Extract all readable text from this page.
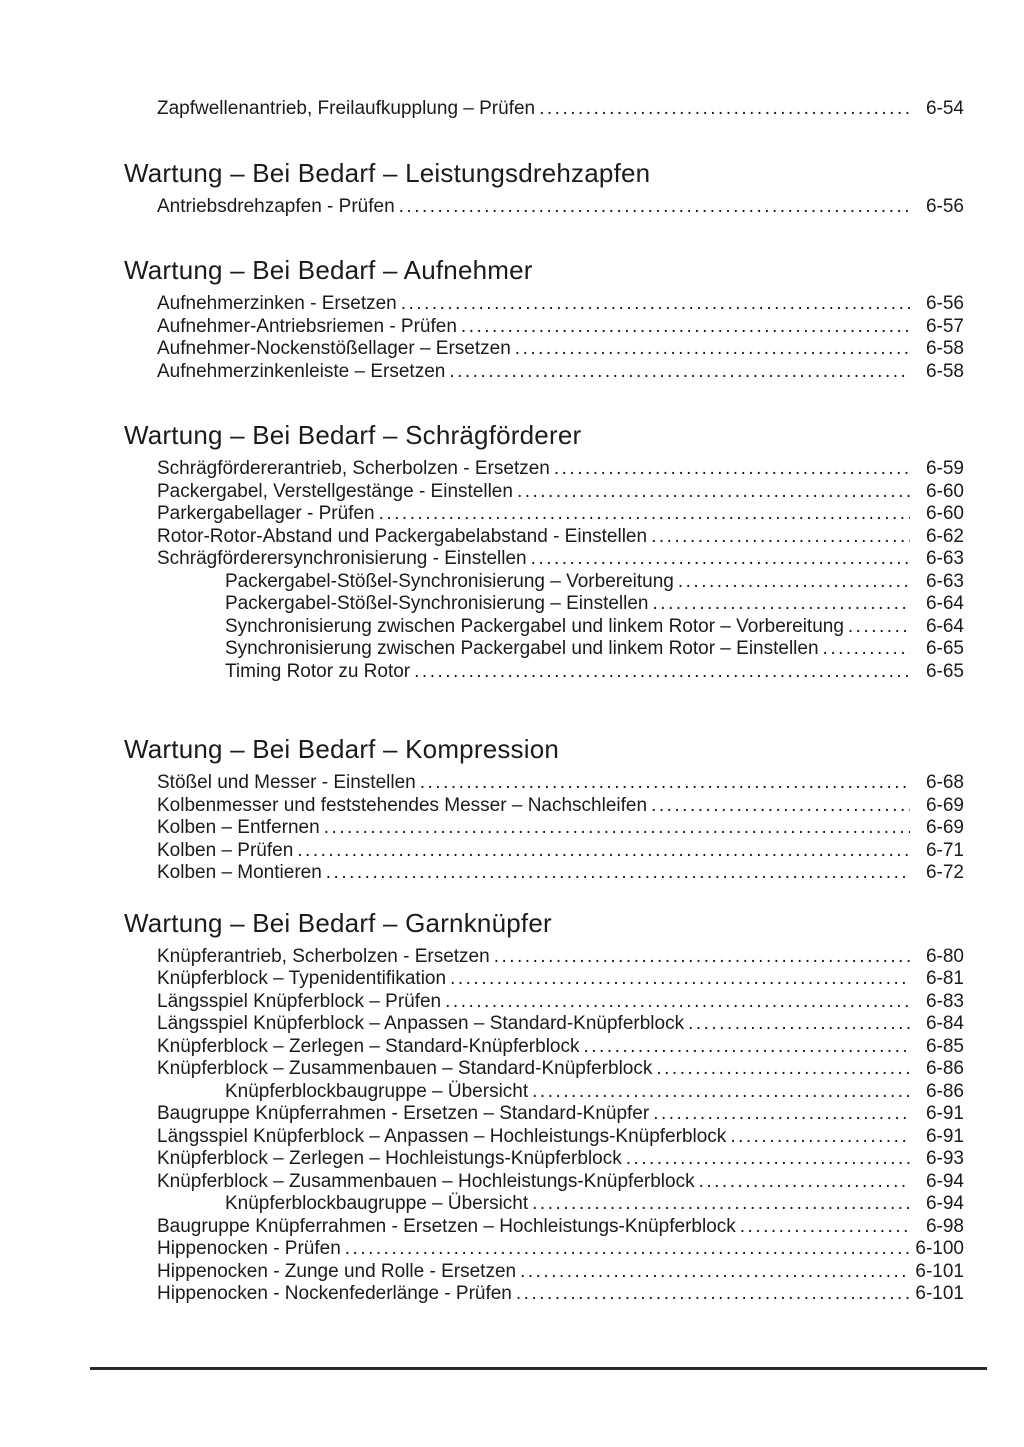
Zapfwellenantrieb, Freilaufkupplung – Prüfen .....	6-54
Wartung – Bei Bedarf – Leistungsdrehzapfen
Antriebsdrehzapfen - Prüfen .....	6-56
Wartung – Bei Bedarf – Aufnehmer
Aufnehmerzinken - Ersetzen .....	6-56
Aufnehmer-Antriebsriemen - Prüfen .....	6-57
Aufnehmer-Nockenstößellager – Ersetzen .....	6-58
Aufnehmerzinkenleiste – Ersetzen .....	6-58
Wartung – Bei Bedarf – Schrägförderer
Schrägfördererantrieb, Scherbolzen - Ersetzen .....	6-59
Packergabel, Verstellgestänge - Einstellen .....	6-60
Parkergabellager - Prüfen .....	6-60
Rotor-Rotor-Abstand und Packergabelabstand - Einstellen .....	6-62
Schrägförderersynchronisierung - Einstellen .....	6-63
Packergabel-Stößel-Synchronisierung – Vorbereitung .....	6-63
Packergabel-Stößel-Synchronisierung – Einstellen .....	6-64
Synchronisierung zwischen Packergabel und linkem Rotor – Vorbereitung .....	6-64
Synchronisierung zwischen Packergabel und linkem Rotor – Einstellen .....	6-65
Timing Rotor zu Rotor .....	6-65
Wartung – Bei Bedarf – Kompression
Stößel und Messer - Einstellen .....	6-68
Kolbenmesser und feststehendes Messer – Nachschleifen .....	6-69
Kolben – Entfernen .....	6-69
Kolben – Prüfen .....	6-71
Kolben – Montieren .....	6-72
Wartung – Bei Bedarf – Garnknüpfer
Knüpferantrieb, Scherbolzen - Ersetzen .....	6-80
Knüpferblock – Typenidentifikation .....	6-81
Längsspiel Knüpferblock – Prüfen .....	6-83
Längsspiel Knüpferblock – Anpassen – Standard-Knüpferblock .....	6-84
Knüpferblock – Zerlegen – Standard-Knüpferblock .....	6-85
Knüpferblock – Zusammenbauen – Standard-Knüpferblock .....	6-86
Knüpferblockbaugruppe – Übersicht .....	6-86
Baugruppe Knüpferrahmen - Ersetzen – Standard-Knüpfer .....	6-91
Längsspiel Knüpferblock – Anpassen – Hochleistungs-Knüpferblock .....	6-91
Knüpferblock – Zerlegen – Hochleistungs-Knüpferblock .....	6-93
Knüpferblock – Zusammenbauen – Hochleistungs-Knüpferblock .....	6-94
Knüpferblockbaugruppe – Übersicht .....	6-94
Baugruppe Knüpferrahmen - Ersetzen – Hochleistungs-Knüpferblock .....	6-98
Hippenocken - Prüfen .....	6-100
Hippenocken - Zunge und Rolle - Ersetzen .....	6-101
Hippenocken - Nockenfederlänge - Prüfen .....	6-101
